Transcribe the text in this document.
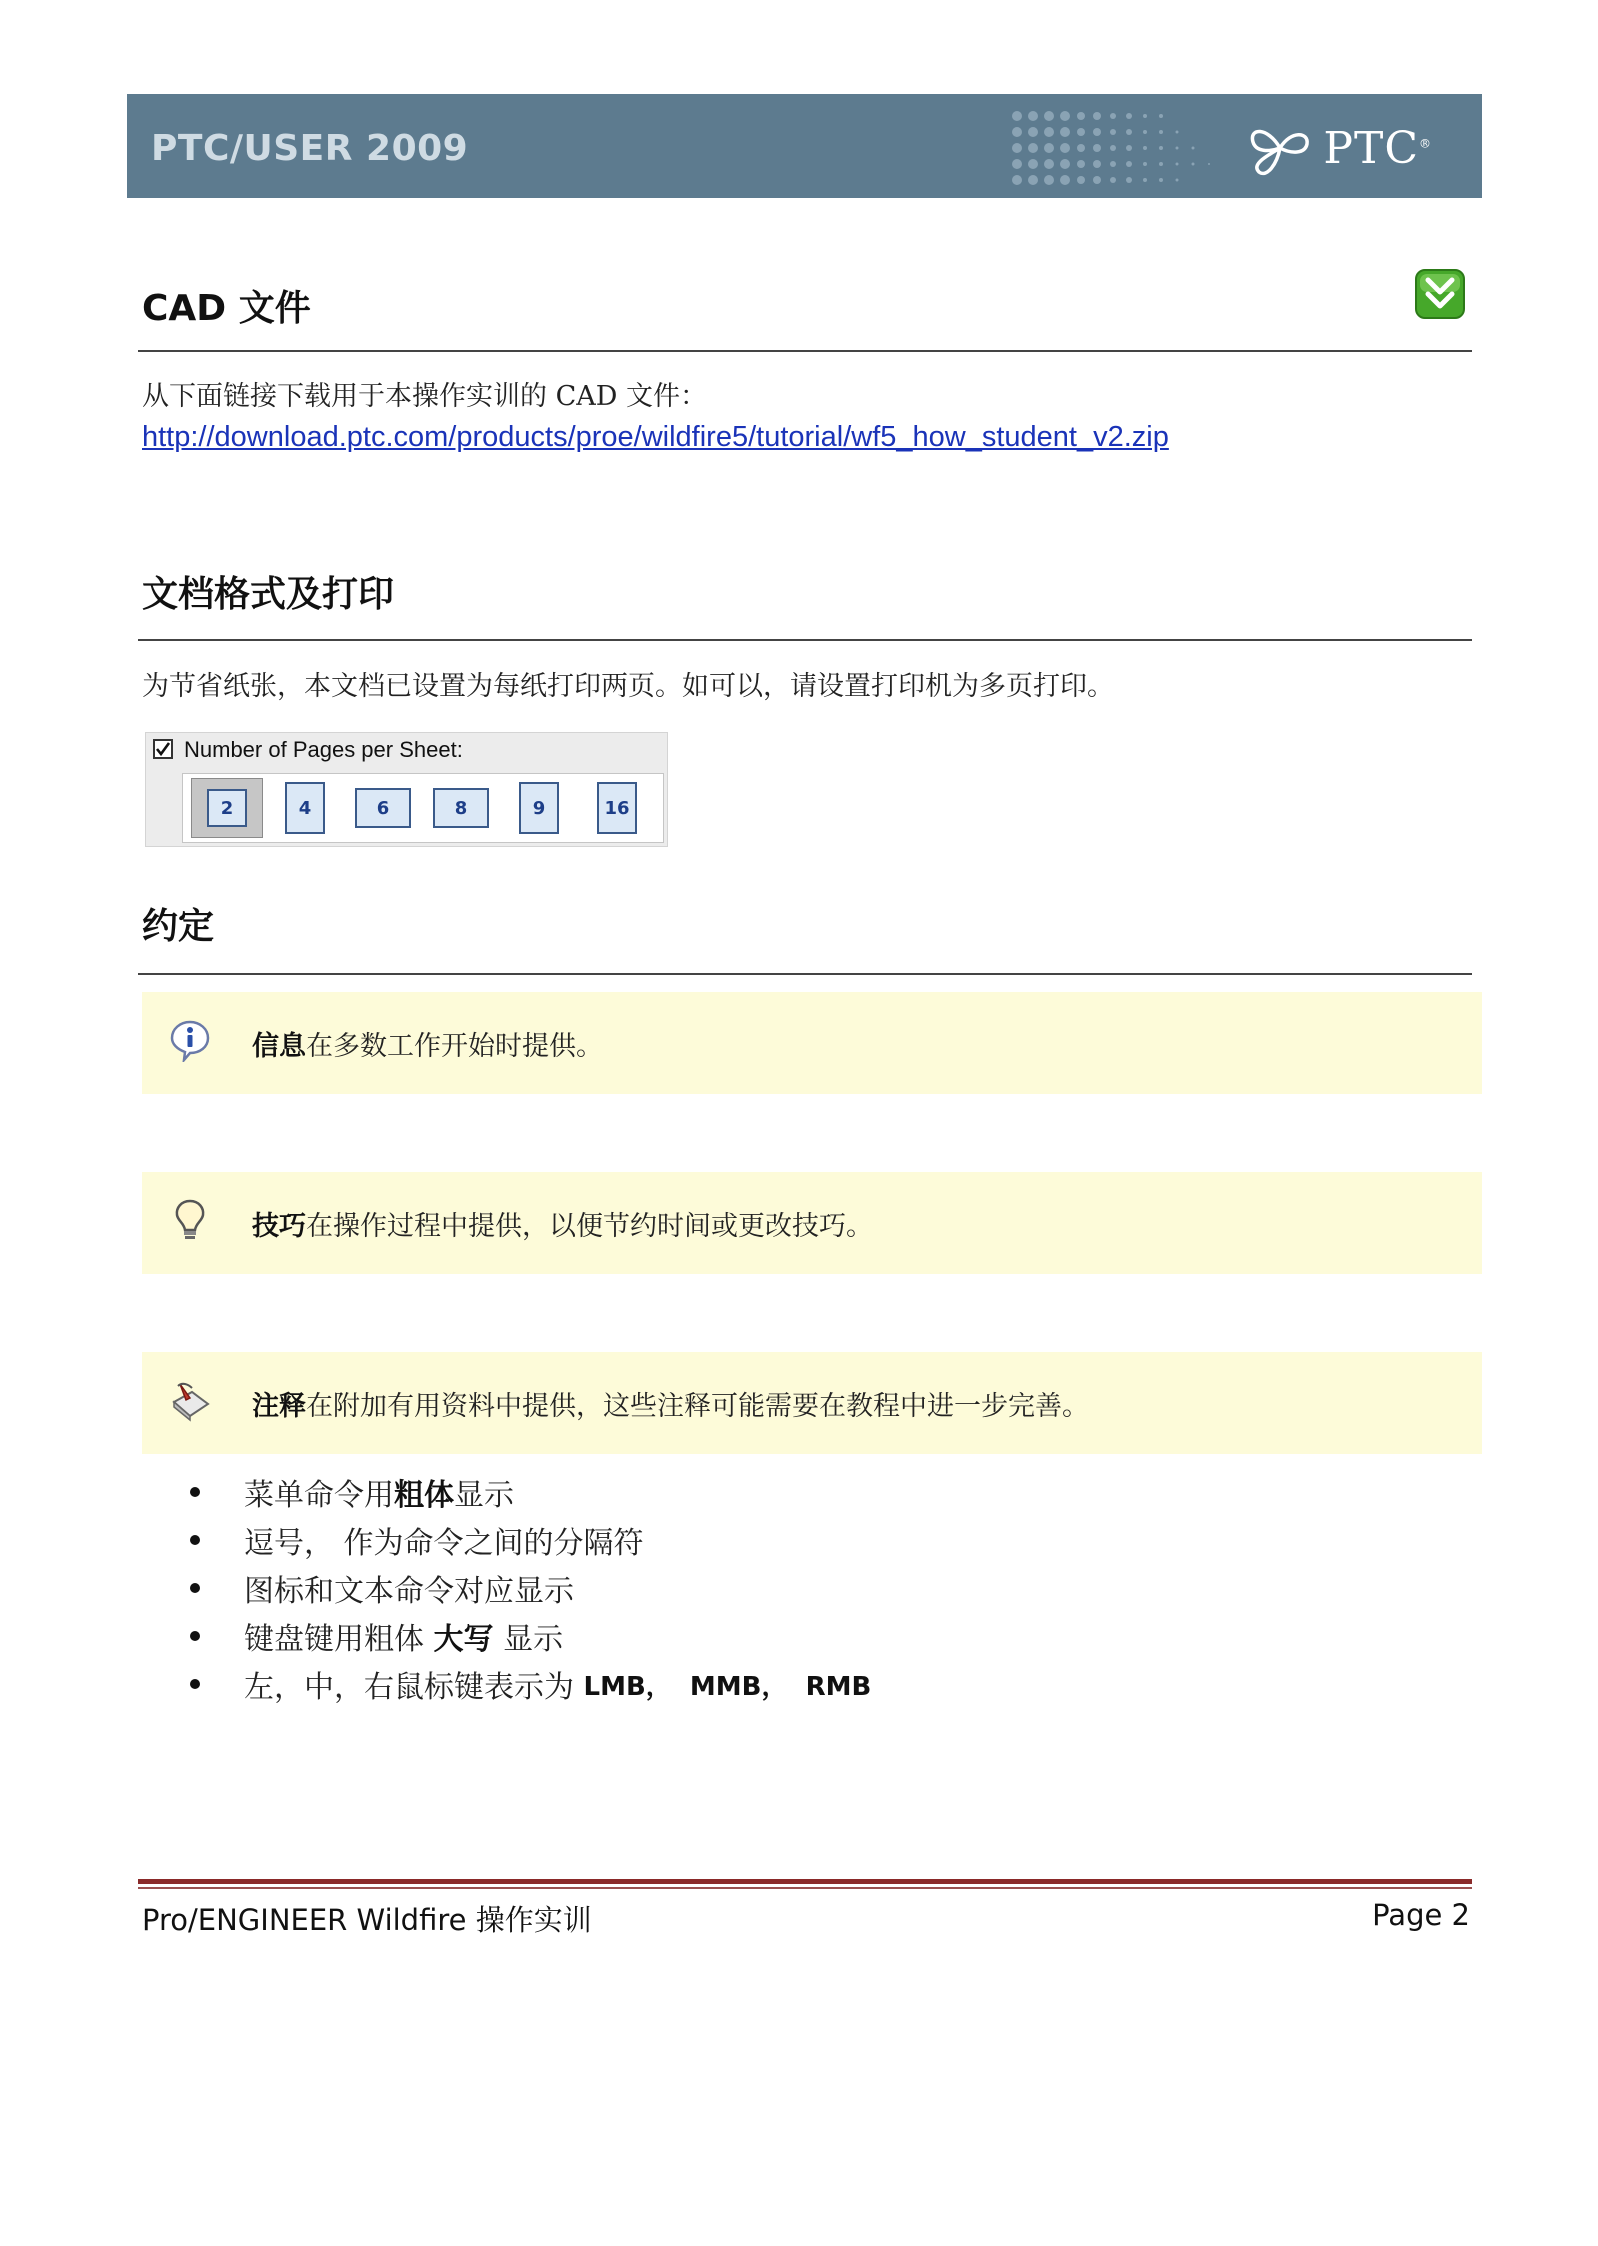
PTC/USER 2009	PTC®
CAD 文件
从下面链接下载用于本操作实训的 CAD 文件：
http://download.ptc.com/products/proe/wildfire5/tutorial/wf5_how_student_v2.zip
文档格式及打印
为节省纸张，本文档已设置为每纸打印两页。如可以，请设置打印机为多页打印。
Number of Pages per Sheet:
2	4	6	8	9	16
约定
信息在多数工作开始时提供。
技巧在操作过程中提供，以便节约时间或更改技巧。
注释在附加有用资料中提供，这些注释可能需要在教程中进一步完善。
菜单命令用 粗体 显示
逗号， 作为命令之间的分隔符
图标和文本命令对应显示
键盘键用粗体 大写 显示
左，中，右鼠标键表示为 LMB，  MMB，  RMB
Pro/ENGINEER Wildfire 操作实训	Page 2
